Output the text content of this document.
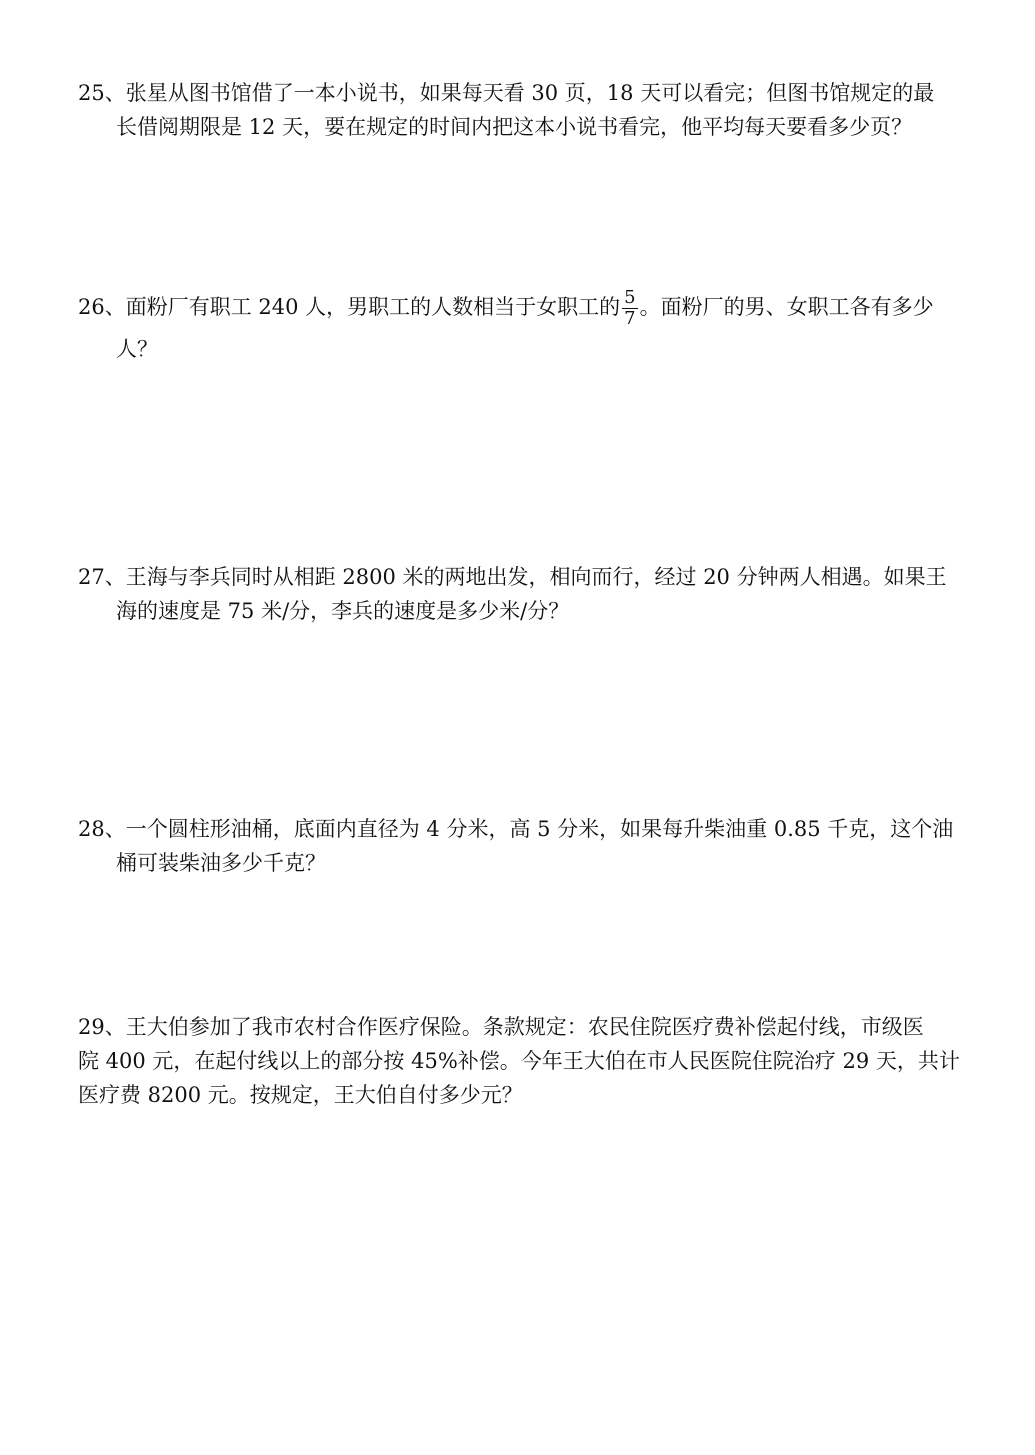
25、张星从图书馆借了一本小说书，如果每天看 30 页，18 天可以看完；但图书馆规定的最
长借阅期限是 12 天，要在规定的时间内把这本小说书看完，他平均每天要看多少页？
26、面粉厂有职工 240 人，男职工的人数相当于女职工的 $\frac{5}{7}$ 。面粉厂的男、女职工各有多少
人？
27、王海与李兵同时从相距 2800 米的两地出发，相向而行，经过 20 分钟两人相遇。如果王
海的速度是 75 米/分，李兵的速度是多少米/分？
28、一个圆柱形油桶，底面内直径为 4 分米，高 5 分米，如果每升柴油重 0.85 千克，这个油
桶可装柴油多少千克？
29、王大伯参加了我市农村合作医疗保险。条款规定：农民住院医疗费补偿起付线，市级医
院 400 元，在起付线以上的部分按 45%补偿。今年王大伯在市人民医院住院治疗 29 天，共计
医疗费 8200 元。按规定，王大伯自付多少元？
